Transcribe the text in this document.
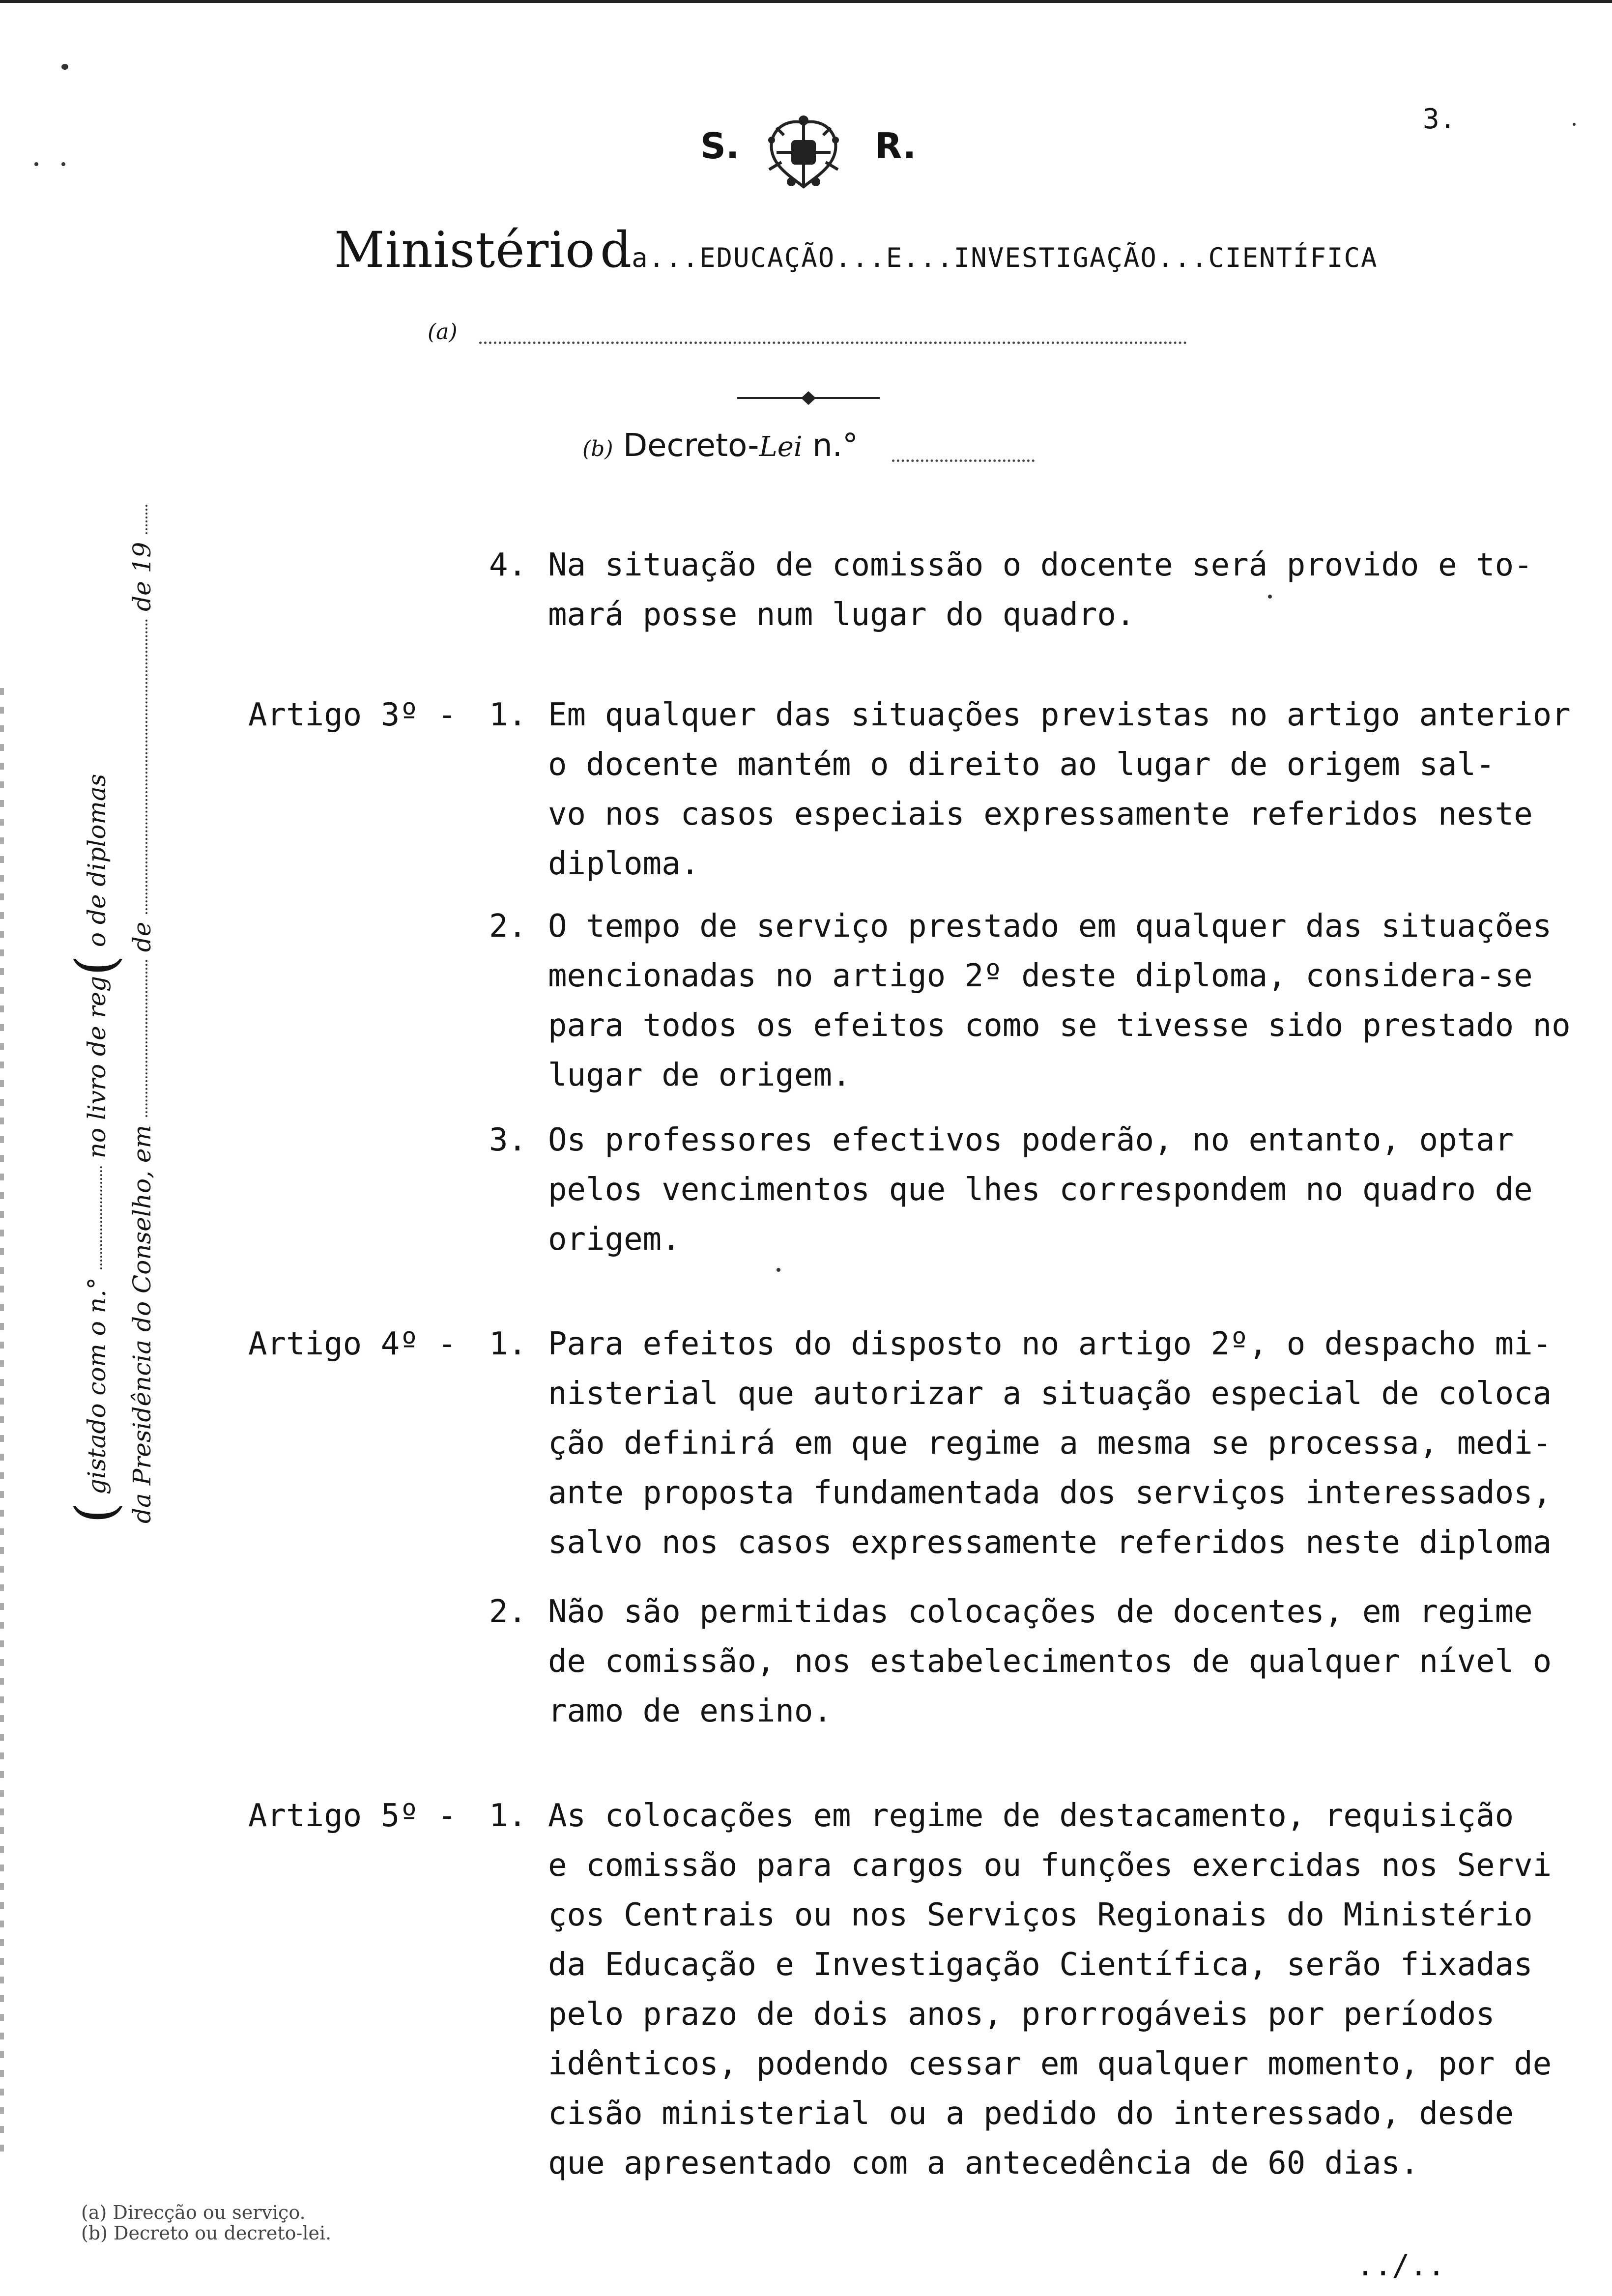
3.
S.	R.
Ministério da...EDUCAÇÃO...E...INVESTIGAÇÃO...CIENTÍFICA
(a)
(b) Decreto-Lei n.°
4. Na situação de comissão o docente será provido e to-
mará posse num lugar do quadro.
Artigo 3º - 1. Em qualquer das situações previstas no artigo anterior
o docente mantém o direito ao lugar de origem sal-
vo nos casos especiais expressamente referidos neste
diploma.
2. O tempo de serviço prestado em qualquer das situações
mencionadas no artigo 2º deste diploma, considera-se
para todos os efeitos como se tivesse sido prestado no
lugar de origem.
3. Os professores efectivos poderão, no entanto, optar
pelos vencimentos que lhes correspondem no quadro de
origem.
Artigo 4º - 1. Para efeitos do disposto no artigo 2º, o despacho mi-
nisterial que autorizar a situação especial de coloca
ção definirá em que regime a mesma se processa, medi-
ante proposta fundamentada dos serviços interessados,
salvo nos casos expressamente referidos neste diploma
2. Não são permitidas colocações de docentes, em regime
de comissão, nos estabelecimentos de qualquer nível o
ramo de ensino.
Artigo 5º - 1. As colocações em regime de destacamento, requisição
e comissão para cargos ou funções exercidas nos Servi
ços Centrais ou nos Serviços Regionais do Ministério
da Educação e Investigação Científica, serão fixadas
pelo prazo de dois anos, prorrogáveis por períodos
idênticos, podendo cessar em qualquer momento, por de
cisão ministerial ou a pedido do interessado, desde
que apresentado com a antecedência de 60 dias.
( gistado com o n.°  no livro de reg( o de diplomas
da Presidência do Conselho, em  de  de 19
(a) Direcção ou serviço.
(b) Decreto ou decreto-lei.
../..
